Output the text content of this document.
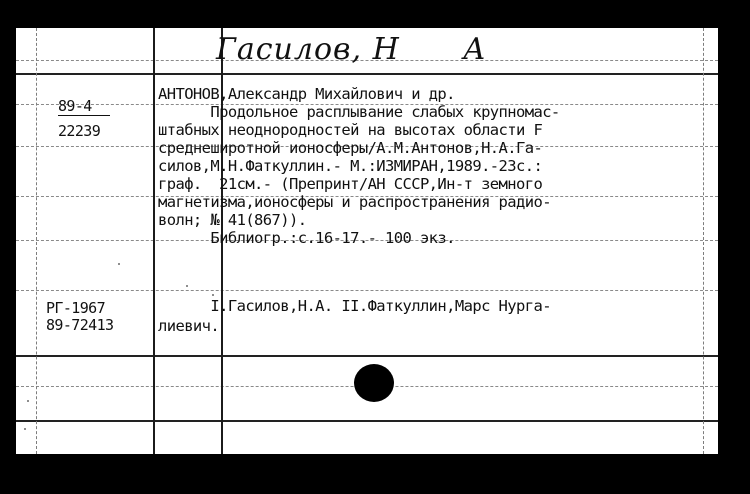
Гасилов, Н      А
89-4
22239
АНТОНОВ,Александр Михайлович и др.
Продольное расплывание слабых крупномас-
штабных неоднородностей на высотах области F
среднеширотной ионосферы/А.М.Антонов,Н.А.Га-
силов,М.Н.Фаткуллин.- М.:ИЗМИРАН,1989.-23с.:
граф.  21см.- (Препринт/АН СССР,Ин-т земного
магнетизма,ионосферы и распространения радио-
волн; № 41(867)).
Библиогр.:с.16-17.- 100 экз.
РГ-1967
89-72413
I.Гасилов,Н.А. II.Фаткуллин,Марс Нурга-
лиевич.
